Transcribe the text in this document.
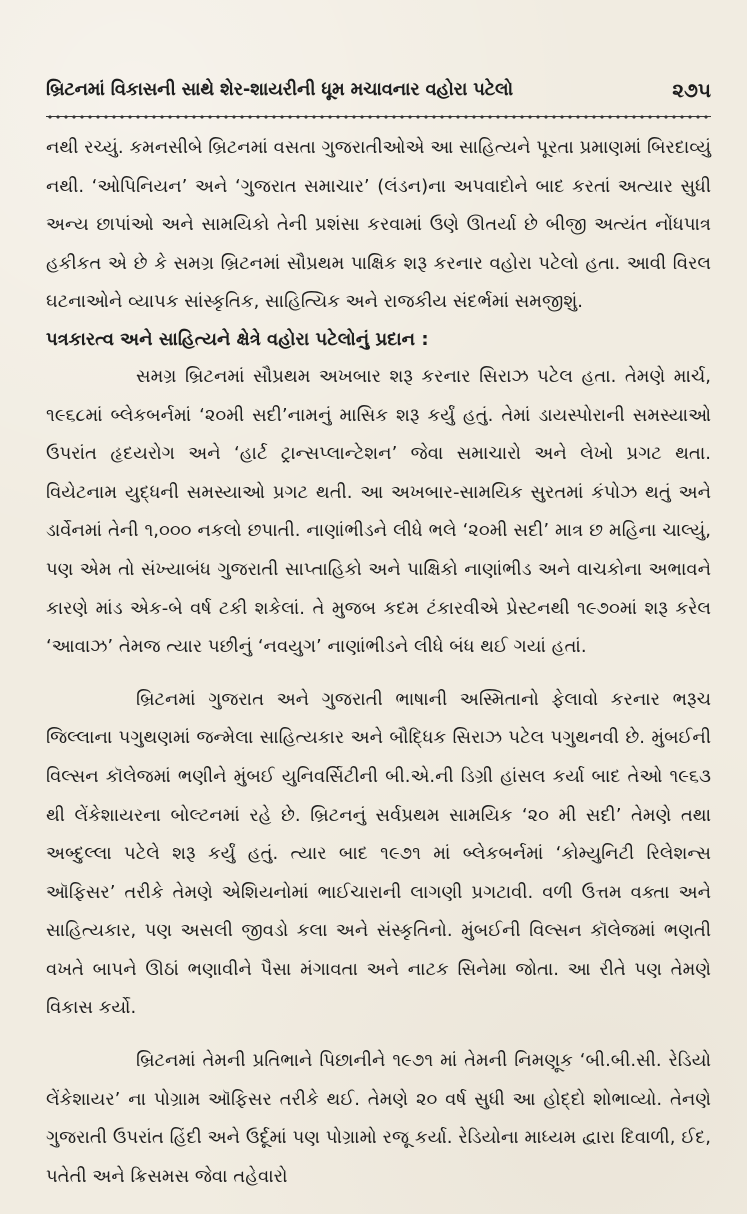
બ્રિટનમાં વિકાસની સાથે શેર-શાયરીની ધૂમ મચાવનાર વહોરા પટેલો	૨૭૫

નથી રચ્યું. કમનસીબે બ્રિટનમાં વસતા ગુજરાતીઓએ આ સાહિત્યને પૂરતા પ્રમાણમાં બિરદાવ્યું નથી. ‘ઓપિનિયન’ અને ‘ગુજરાત સમાચાર’ (લંડન)ના અપવાદોને બાદ કરતાં અત્યાર સુધી અન્ય છાપાંઓ અને સામયિકો તેની પ્રશંસા કરવામાં ઉણે ઊતર્યા છે બીજી અત્યંત નોંધપાત્ર હકીકત એ છે કે સમગ્ર બ્રિટનમાં સૌપ્રથમ પાક્ષિક શરૂ કરનાર વહોરા પટેલો હતા. આવી વિરલ ઘટનાઓને વ્યાપક સાંસ્કૃતિક, સાહિત્યિક અને રાજકીય સંદર્ભમાં સમજીશું.

પત્રકારત્વ અને સાહિત્યને ક્ષેત્રે વહોરા પટેલોનું પ્રદાન :

સમગ્ર બ્રિટનમાં સૌપ્રથમ અખબાર શરૂ કરનાર સિરાઝ પટેલ હતા. તેમણે માર્ચ, ૧૯૬૮માં બ્લેકબર્નમાં ‘૨૦મી સદી’નામનું માસિક શરૂ કર્યું હતું. તેમાં ડાયસ્પોરાની સમસ્યાઓ ઉપરાંત હૃદયરોગ અને ‘હાર્ટ ટ્રાન્સપ્લાન્ટેશન’ જેવા સમાચારો અને લેખો પ્રગટ થતા. વિયેટનામ યુદ્ધની સમસ્યાઓ પ્રગટ થતી. આ અખબાર-સામયિક સુરતમાં કંપોઝ થતું અને ડાર્વેનમાં તેની ૧,૦૦૦ નકલો છપાતી. નાણાંભીડને લીધે ભલે ‘૨૦મી સદી’ માત્ર છ મહિના ચાલ્યું, પણ એમ તો સંખ્યાબંધ ગુજરાતી સાપ્તાહિકો અને પાક્ષિકો નાણાંભીડ અને વાચકોના અભાવને કારણે માંડ એક-બે વર્ષ ટકી શકેલાં. તે મુજબ કદમ ટંકારવીએ પ્રેસ્ટનથી ૧૯૭૦માં શરૂ કરેલ ‘આવાઝ’ તેમજ ત્યાર પછીનું ‘નવયુગ’ નાણાંભીડને લીધે બંધ થઈ ગયાં હતાં.

બ્રિટનમાં ગુજરાત અને ગુજરાતી ભાષાની અસ્મિતાનો ફેલાવો કરનાર ભરૂચ જિલ્લાના પગુથણમાં જન્મેલા સાહિત્યકાર અને બૌદ્ધિક સિરાઝ પટેલ પગુથનવી છે. મુંબઈની વિલ્સન કૉલેજમાં ભણીને મુંબઈ યુનિવર્સિટીની બી.એ.ની ડિગ્રી હાંસલ કર્યા બાદ તેઓ ૧૯૬૩ થી લેંકેશાયરના બોલ્ટનમાં રહે છે. બ્રિટનનું સર્વપ્રથમ સામયિક ‘૨૦ મી સદી’ તેમણે તથા અબ્દુલ્લા પટેલે શરૂ કર્યું હતું. ત્યાર બાદ ૧૯૭૧ માં બ્લેકબર્નમાં ‘કોમ્યુનિટી રિલેશન્સ ઑફિસર’ તરીકે તેમણે એશિયનોમાં ભાઈચારાની લાગણી પ્રગટાવી. વળી ઉત્તમ વક્તા અને સાહિત્યકાર, પણ અસલી જીવડો કલા અને સંસ્કૃતિનો. મુંબઈની વિલ્સન કૉલેજમાં ભણતી વખતે બાપને ઊઠાં ભણાવીને પૈસા મંગાવતા અને નાટક સિનેમા જોતા. આ રીતે પણ તેમણે વિકાસ કર્યો.

બ્રિટનમાં તેમની પ્રતિભાને પિછાનીને ૧૯૭૧ માં તેમની નિમણૂક ‘બી.બી.સી. રેડિયો લેંકેશાયર’ ના પોગ્રામ ઑફિસર તરીકે થઈ. તેમણે ૨૦ વર્ષ સુધી આ હોદ્દો શોભાવ્યો. તેનણે ગુજરાતી ઉપરાંત હિંદી અને ઉર્દૂમાં પણ પોગ્રામો રજૂ કર્યા. રેડિયોના માધ્યમ દ્વારા દિવાળી, ઈદ, પતેતી અને ક્રિસમસ જેવા તહેવારો
